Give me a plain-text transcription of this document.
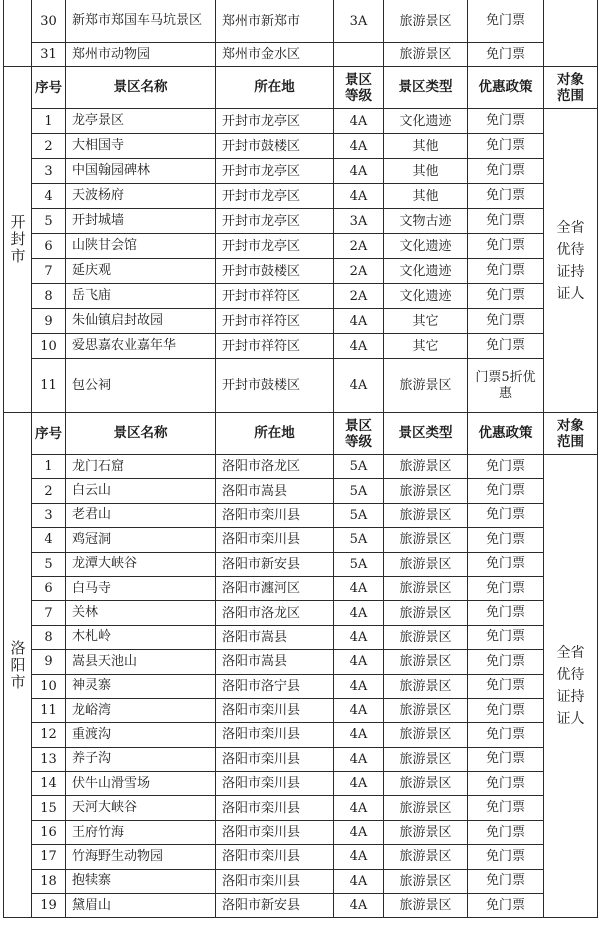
	30	新郑市郑国车马坑景区	郑州市新郑市	3A	旅游景区	免门票	
	31	郑州市动物园	郑州市金水区		旅游景区	免门票	

开封市	序号	景区名称	所在地	景区等级	景区类型	优惠政策	对象范围

	1	龙亭景区	开封市龙亭区	4A	文化遗迹	免门票	全省优待证持证人

	2	大相国寺	开封市鼓楼区	4A	其他	免门票	
	3	中国翰园碑林	开封市龙亭区	4A	其他	免门票	
	4	天波杨府	开封市龙亭区	4A	其他	免门票	
	5	开封城墙	开封市龙亭区	3A	文物古迹	免门票	
	6	山陕甘会馆	开封市龙亭区	2A	文化遗迹	免门票	
	7	延庆观	开封市鼓楼区	2A	文化遗迹	免门票	
	8	岳飞庙	开封市祥符区	2A	文化遗迹	免门票	
	9	朱仙镇启封故园	开封市祥符区	4A	其它	免门票	
	10	爱思嘉农业嘉年华	开封市祥符区	4A	其它	免门票	
	11	包公祠	开封市鼓楼区	4A	旅游景区	门票5折优惠	

洛阳市	序号	景区名称	所在地	景区等级	景区类型	优惠政策	对象范围

	1	龙门石窟	洛阳市洛龙区	5A	旅游景区	免门票	全省优待证持证人

	2	白云山	洛阳市嵩县	5A	旅游景区	免门票	
	3	老君山	洛阳市栾川县	5A	旅游景区	免门票	
	4	鸡冠洞	洛阳市栾川县	5A	旅游景区	免门票	
	5	龙潭大峡谷	洛阳市新安县	5A	旅游景区	免门票	
	6	白马寺	洛阳市瀍河区	4A	旅游景区	免门票	
	7	关林	洛阳市洛龙区	4A	旅游景区	免门票	
	8	木札岭	洛阳市嵩县	4A	旅游景区	免门票	
	9	嵩县天池山	洛阳市嵩县	4A	旅游景区	免门票	
	10	神灵寨	洛阳市洛宁县	4A	旅游景区	免门票	
	11	龙峪湾	洛阳市栾川县	4A	旅游景区	免门票	
	12	重渡沟	洛阳市栾川县	4A	旅游景区	免门票	
	13	养子沟	洛阳市栾川县	4A	旅游景区	免门票	
	14	伏牛山滑雪场	洛阳市栾川县	4A	旅游景区	免门票	
	15	天河大峡谷	洛阳市栾川县	4A	旅游景区	免门票	
	16	王府竹海	洛阳市栾川县	4A	旅游景区	免门票	
	17	竹海野生动物园	洛阳市栾川县	4A	旅游景区	免门票	
	18	抱犊寨	洛阳市栾川县	4A	旅游景区	免门票	
	19	黛眉山	洛阳市新安县	4A	旅游景区	免门票	
